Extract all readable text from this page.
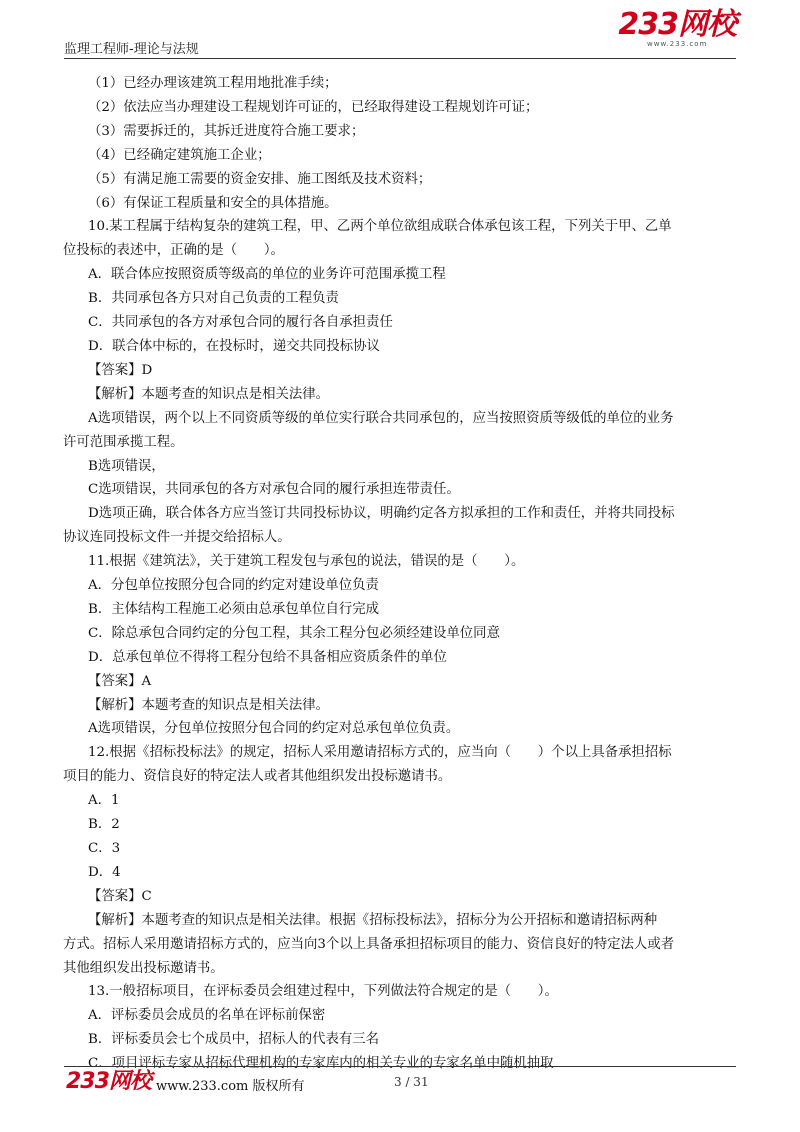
监理工程师-理论与法规
233网校
www.233.com

（1）已经办理该建筑工程用地批准手续；

（2）依法应当办理建设工程规划许可证的，已经取得建设工程规划许可证；

（3）需要拆迁的，其拆迁进度符合施工要求；

（4）已经确定建筑施工企业；

（5）有满足施工需要的资金安排、施工图纸及技术资料；

（6）有保证工程质量和安全的具体措施。

10.某工程属于结构复杂的建筑工程，甲、乙两个单位欲组成联合体承包该工程，下列关于甲、乙单

位投标的表述中，正确的是（　　）。

A．联合体应按照资质等级高的单位的业务许可范围承揽工程

B．共同承包各方只对自己负责的工程负责

C．共同承包的各方对承包合同的履行各自承担责任

D．联合体中标的，在投标时，递交共同投标协议

【答案】D

【解析】本题考查的知识点是相关法律。

A选项错误，两个以上不同资质等级的单位实行联合共同承包的，应当按照资质等级低的单位的业务

许可范围承揽工程。

B选项错误，

C选项错误，共同承包的各方对承包合同的履行承担连带责任。

D选项正确，联合体各方应当签订共同投标协议，明确约定各方拟承担的工作和责任，并将共同投标

协议连同投标文件一并提交给招标人。

11.根据《建筑法》，关于建筑工程发包与承包的说法，错误的是（　　）。

A．分包单位按照分包合同的约定对建设单位负责

B．主体结构工程施工必须由总承包单位自行完成

C．除总承包合同约定的分包工程，其余工程分包必须经建设单位同意

D．总承包单位不得将工程分包给不具备相应资质条件的单位

【答案】A

【解析】本题考查的知识点是相关法律。

A选项错误，分包单位按照分包合同的约定对总承包单位负责。

12.根据《招标投标法》的规定，招标人采用邀请招标方式的，应当向（　　）个以上具备承担招标

项目的能力、资信良好的特定法人或者其他组织发出投标邀请书。

A．1

B．2

C．3

D．4

【答案】C

【解析】本题考查的知识点是相关法律。根据《招标投标法》，招标分为公开招标和邀请招标两种

方式。招标人采用邀请招标方式的，应当向3个以上具备承担招标项目的能力、资信良好的特定法人或者

其他组织发出投标邀请书。

13.一般招标项目，在评标委员会组建过程中，下列做法符合规定的是（　　）。

A．评标委员会成员的名单在评标前保密

B．评标委员会七个成员中，招标人的代表有三名

C．项目评标专家从招标代理机构的专家库内的相关专业的专家名单中随机抽取

233网校 www.233.com 版权所有	3 / 31
